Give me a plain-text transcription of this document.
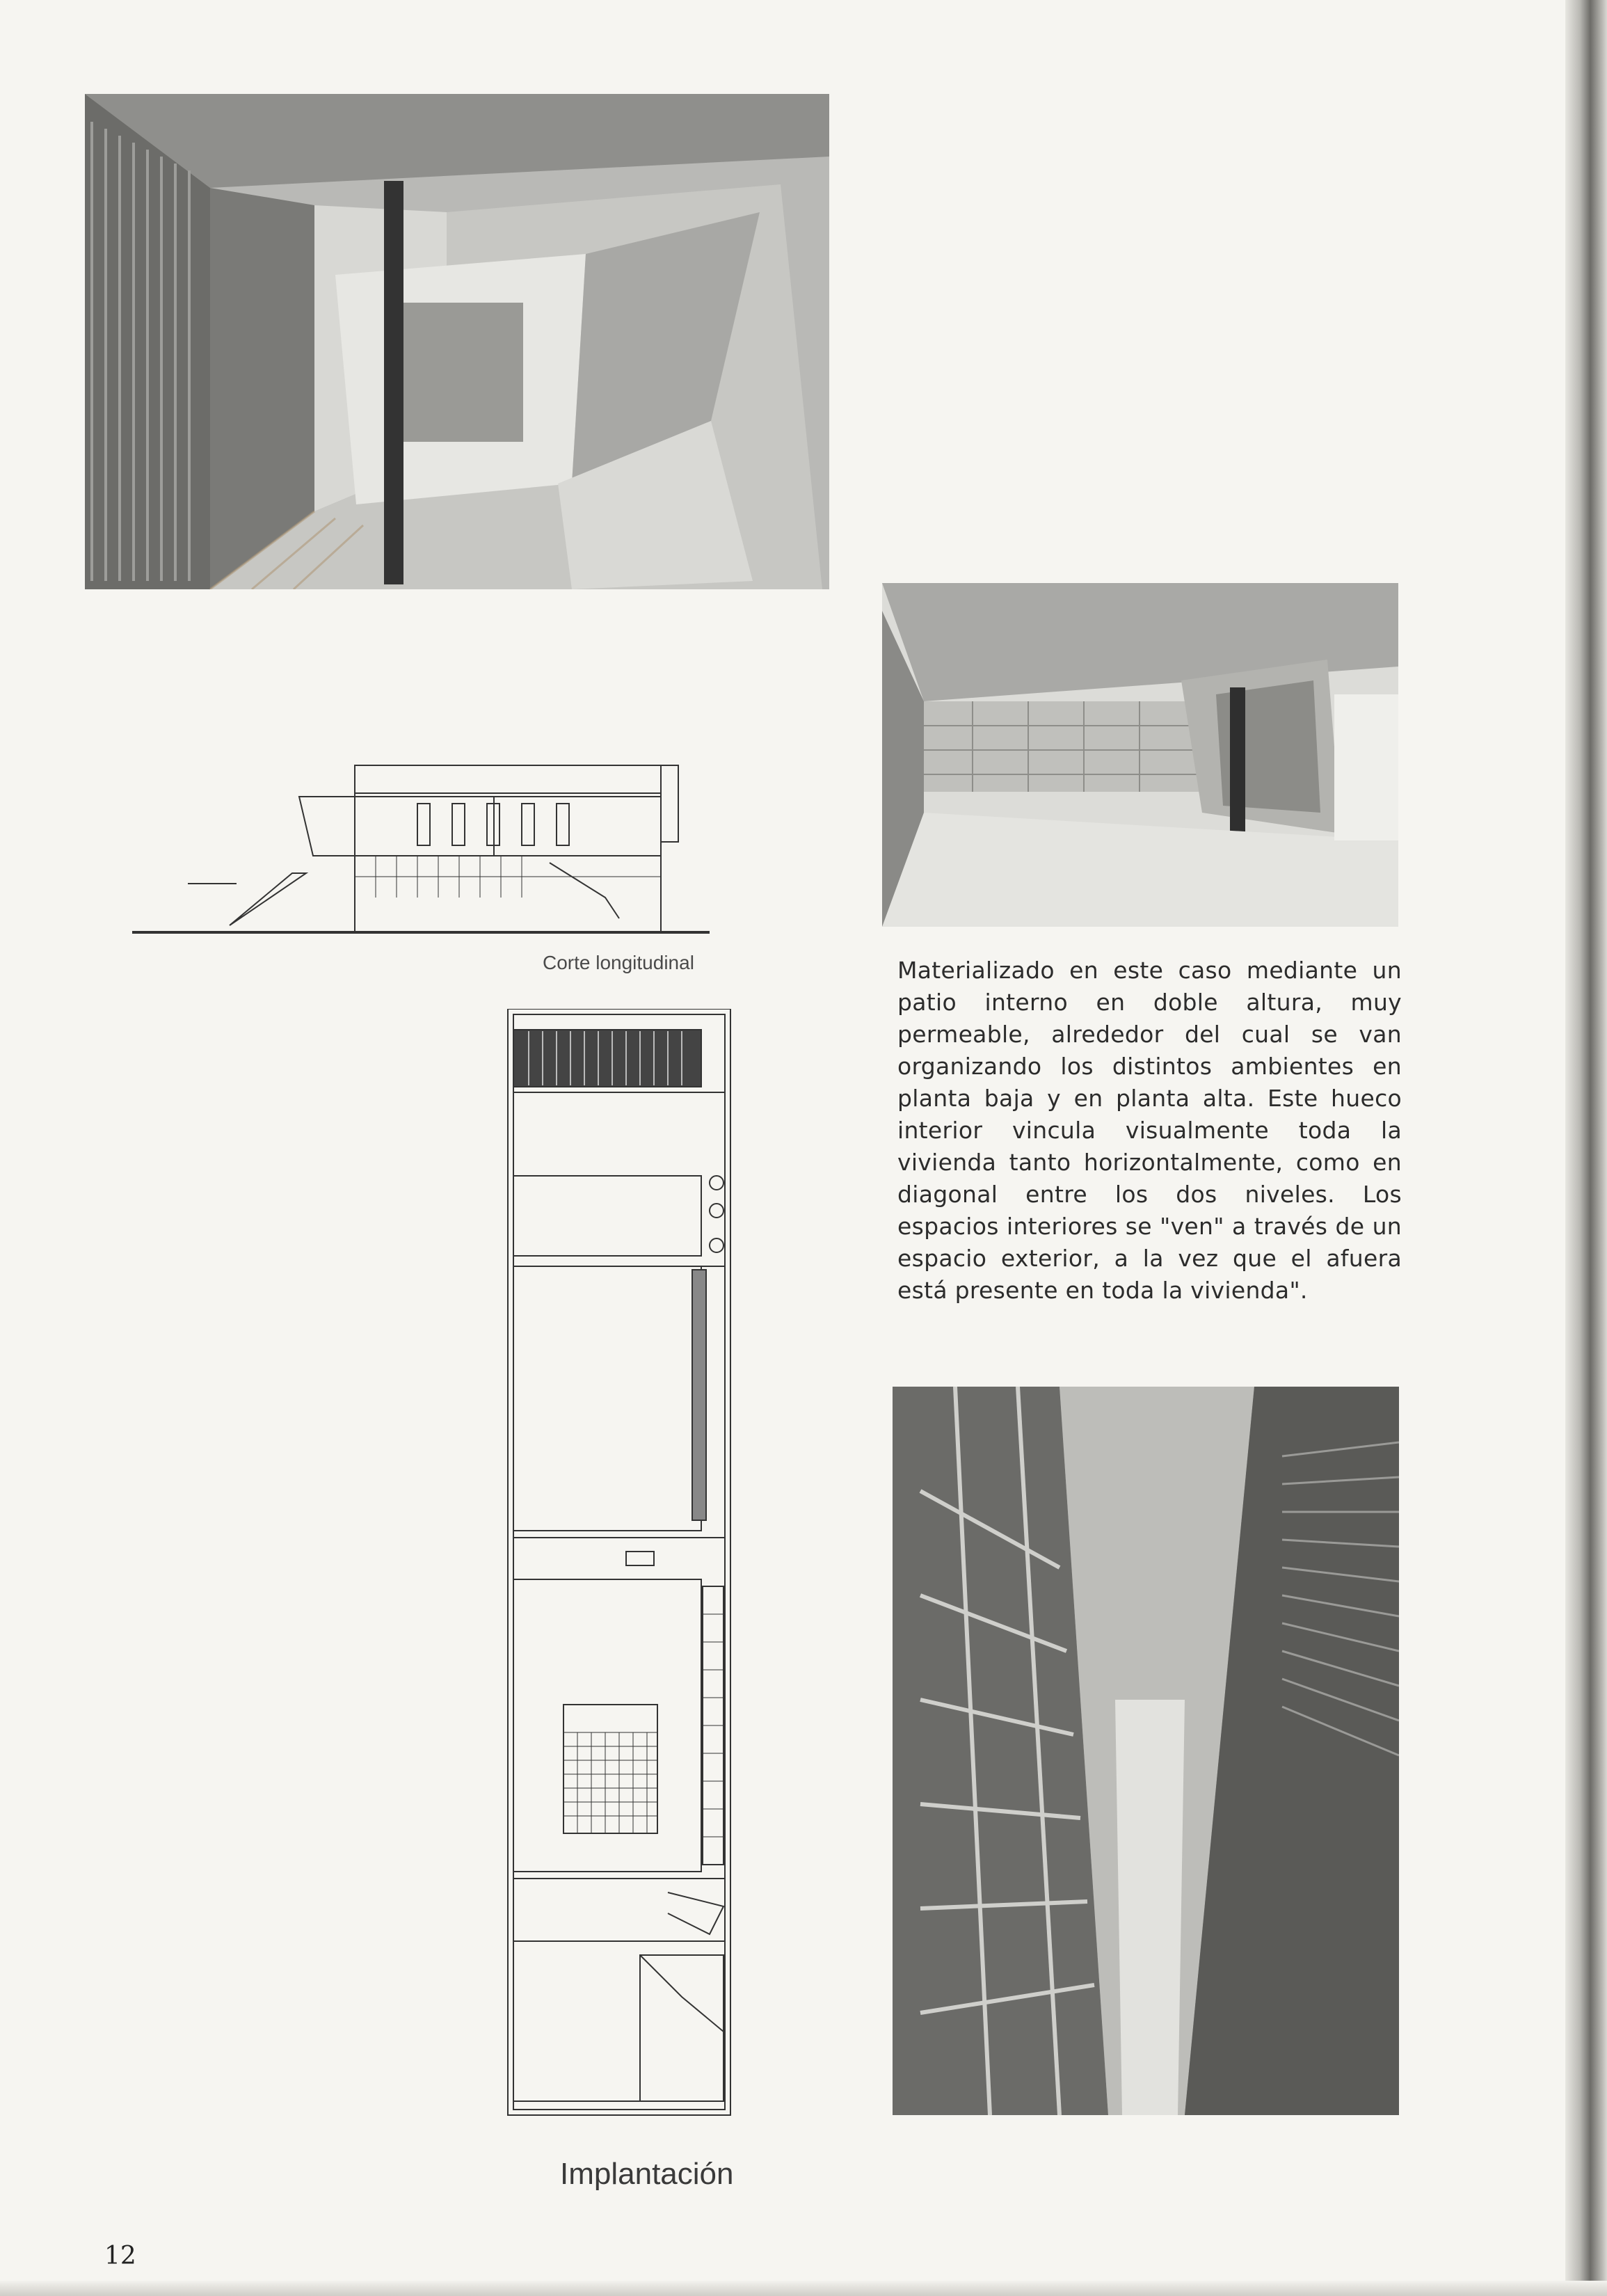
Corte longitudinal
Implantación
Materializado en este caso mediante un patio interno en doble altura, muy permeable, alrededor del cual se van organizando los distintos ambientes en planta baja y en planta alta. Este hueco interior vincula visualmente toda la vivienda tanto horizontalmente, como en diagonal entre los dos niveles. Los espacios interiores se "ven" a través de un espacio exterior, a la vez que el afuera está presente en toda la vivienda".
12
